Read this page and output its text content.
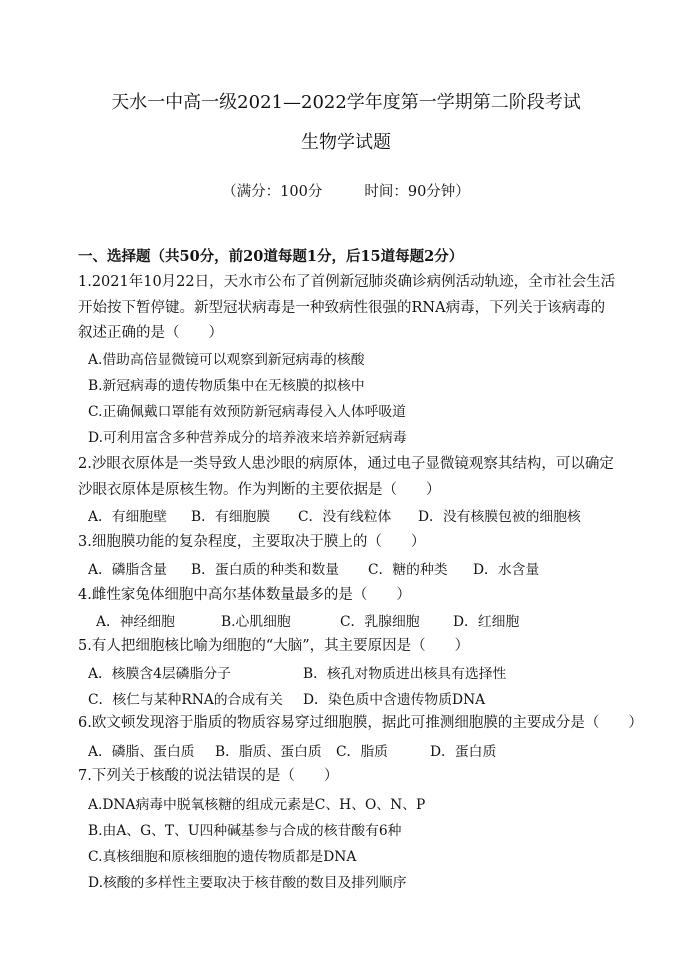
天水一中高一级2021—2022学年度第一学期第二阶段考试
生物学试题
（满分：100分	时间：90分钟）
一、选择题（共50分，前20道每题1分，后15道每题2分）
1.2021年10月22日，天水市公布了首例新冠肺炎确诊病例活动轨迹，全市社会生活开始按下暂停键。新型冠状病毒是一种致病性很强的RNA病毒，下列关于该病毒的叙述正确的是（　　）
A.借助高倍显微镜可以观察到新冠病毒的核酸
B.新冠病毒的遗传物质集中在无核膜的拟核中
C.正确佩戴口罩能有效预防新冠病毒侵入人体呼吸道
D.可利用富含多种营养成分的培养液来培养新冠病毒
2.沙眼衣原体是一类导致人患沙眼的病原体，通过电子显微镜观察其结构，可以确定沙眼衣原体是原核生物。作为判断的主要依据是（　　）
A．有细胞壁 B．有细胞膜 C．没有线粒体 D．没有核膜包被的细胞核
3.细胞膜功能的复杂程度，主要取决于膜上的（　　）
A．磷脂含量 B．蛋白质的种类和数量 C．糖的种类 D．水含量
4.雌性家兔体细胞中高尔基体数量最多的是（　　）
A．神经细胞	B.心肌细胞	C．乳腺细胞 D．红细胞
5.有人把细胞核比喻为细胞的“大脑”，其主要原因是（　　）
A．核膜含4层磷脂分子	B．核孔对物质进出核具有选择性
C．核仁与某种RNA的合成有关 D．染色质中含遗传物质DNA
6.欧文顿发现溶于脂质的物质容易穿过细胞膜，据此可推测细胞膜的主要成分是（　　）
A．磷脂、蛋白质 B．脂质、蛋白质 C．脂质	D．蛋白质
7.下列关于核酸的说法错误的是（　　）
A.DNA病毒中脱氧核糖的组成元素是C、H、O、N、P
B.由A、G、T、U四种碱基参与合成的核苷酸有6种
C.真核细胞和原核细胞的遗传物质都是DNA
D.核酸的多样性主要取决于核苷酸的数目及排列顺序
